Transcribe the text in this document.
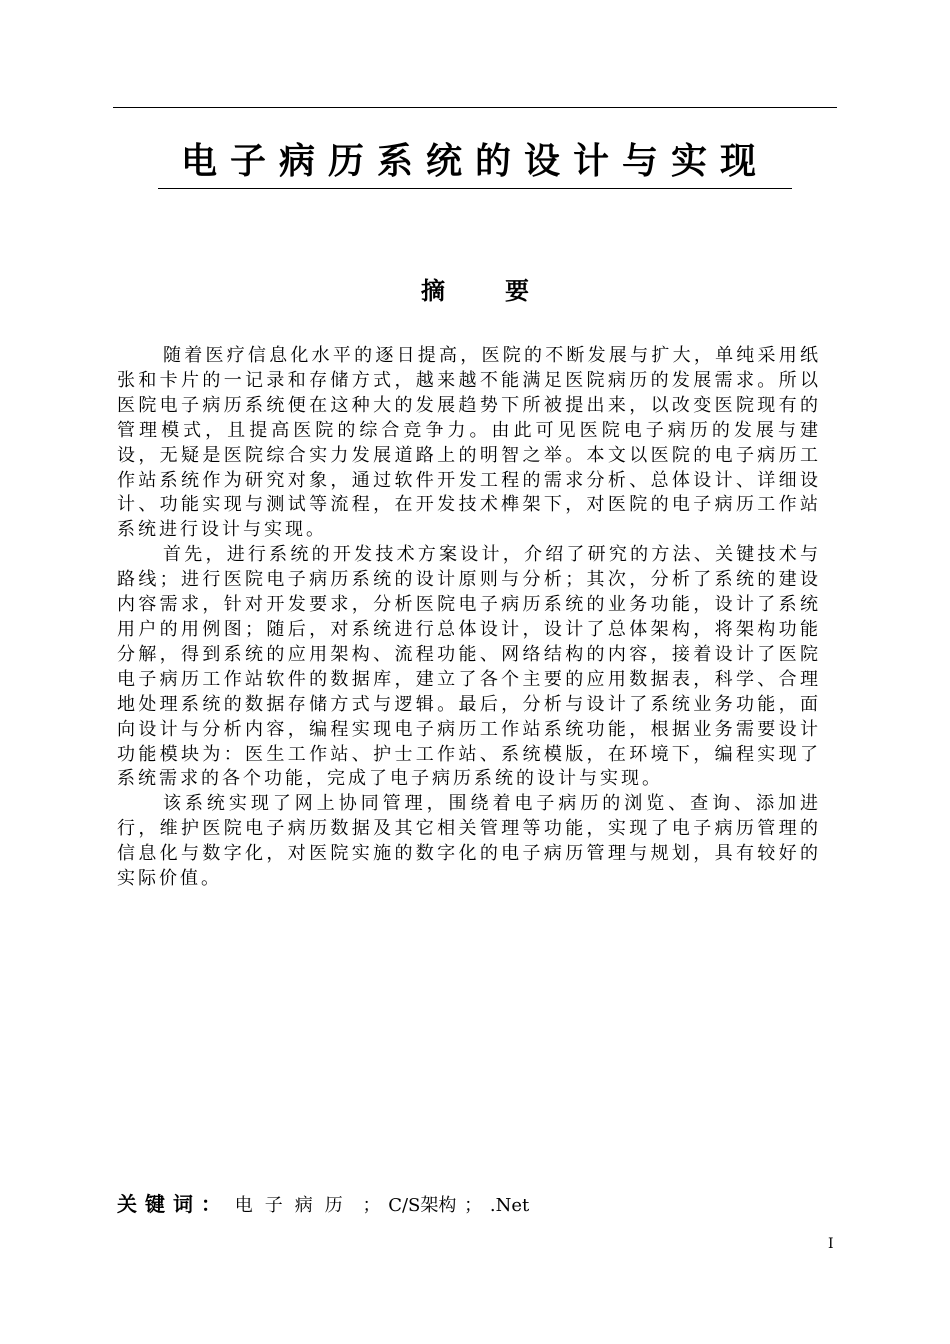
电子病历系统的设计与实现
摘要

随着医疗信息化水平的逐日提高，医院的不断发展与扩大，单纯采用纸张和卡片的一记录和存储方式，越来越不能满足医院病历的发展需求。所以医院电子病历系统便在这种大的发展趋势下所被提出来，以改变医院现有的管理模式，且提高医院的综合竞争力。由此可见医院电子病历的发展与建设，无疑是医院综合实力发展道路上的明智之举。本文以医院的电子病历工作站系统作为研究对象，通过软件开发工程的需求分析、总体设计、详细设计、功能实现与测试等流程，在开发技术榫架下，对医院的电子病历工作站系统进行设计与实现。

首先，进行系统的开发技术方案设计，介绍了研究的方法、关键技术与路线；进行医院电子病历系统的设计原则与分析；其次，分析了系统的建设内容需求，针对开发要求，分析医院电子病历系统的业务功能，设计了系统用户的用例图；随后，对系统进行总体设计，设计了总体架构，将架构功能分解，得到系统的应用架构、流程功能、网络结构的内容，接着设计了医院电子病历工作站软件的数据库，建立了各个主要的应用数据表，科学、合理地处理系统的数据存储方式与逻辑。最后，分析与设计了系统业务功能，面向设计与分析内容，编程实现电子病历工作站系统功能，根据业务需要设计功能模块为：医生工作站、护士工作站、系统模版，在环境下，编程实现了系统需求的各个功能，完成了电子病历系统的设计与实现。

该系统实现了网上协同管理，围绕着电子病历的浏览、查询、添加进行，维护医院电子病历数据及其它相关管理等功能，实现了电子病历管理的信息化与数字化，对医院实施的数字化的电子病历管理与规划，具有较好的实际价值。

关键词： 电子病历 ； C/S架构 ； .Net
I
